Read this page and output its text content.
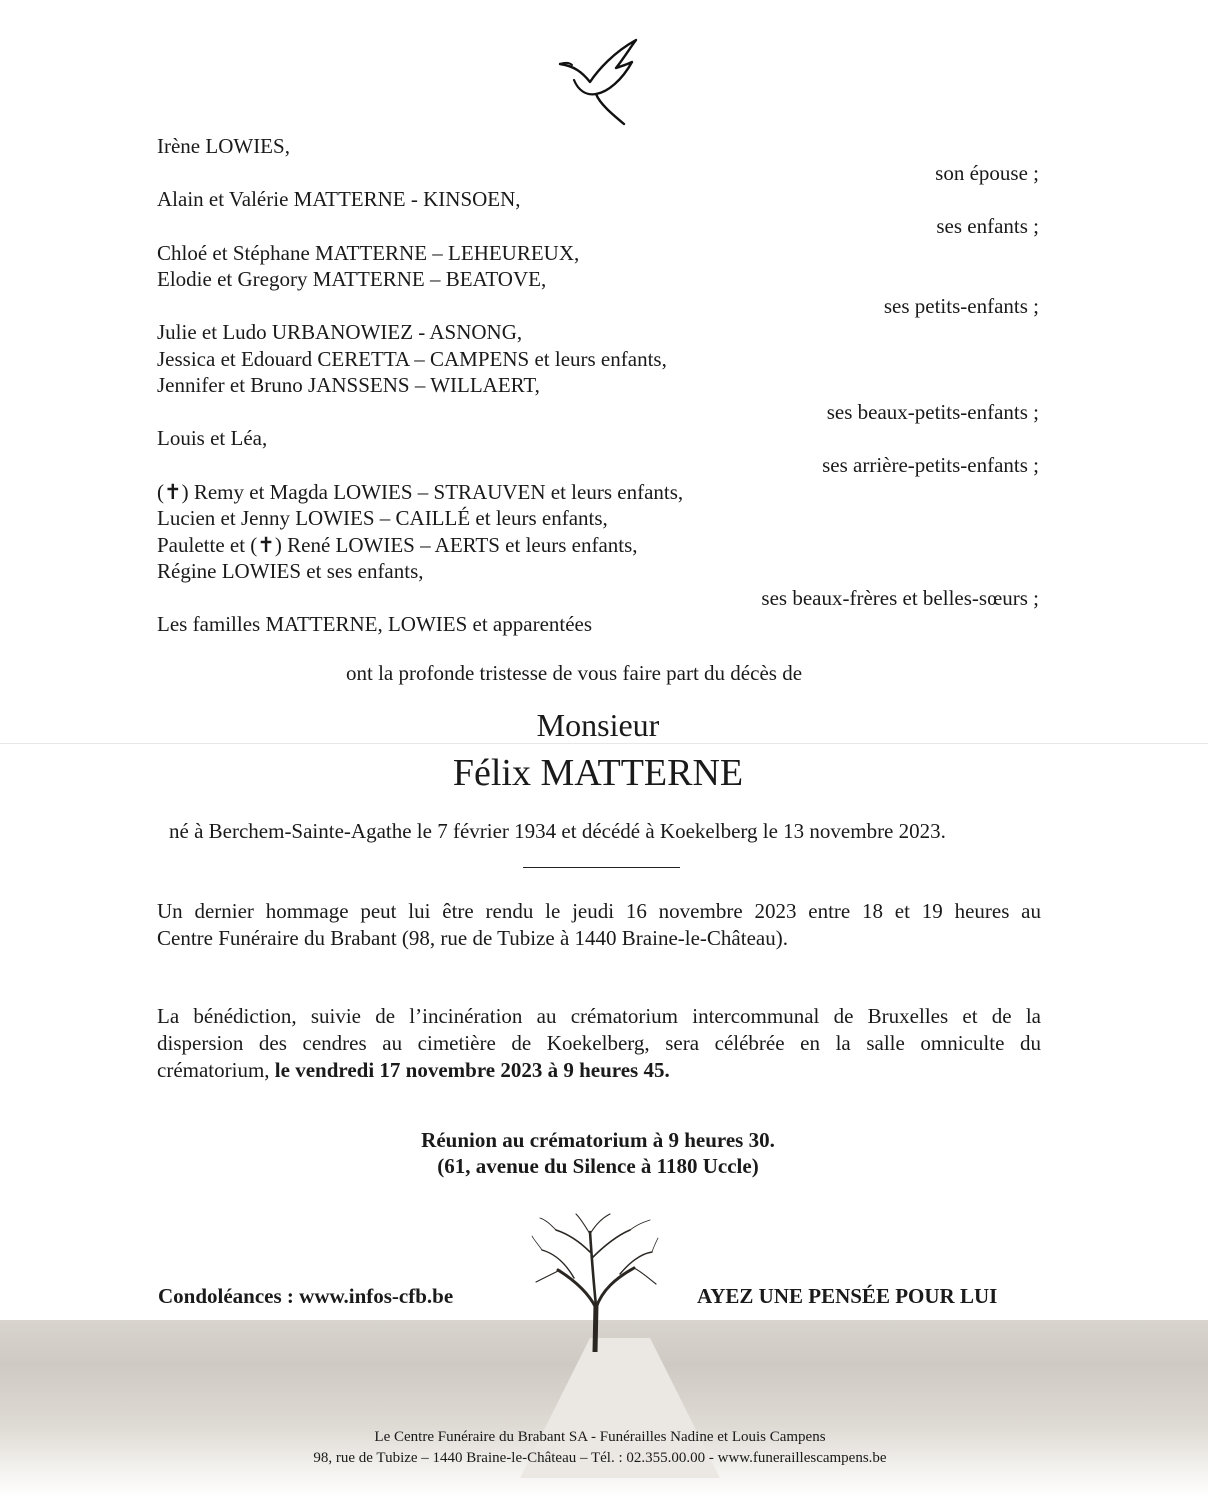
Irène LOWIES,
son épouse ;
Alain et Valérie MATTERNE - KINSOEN,
ses enfants ;
Chloé et Stéphane MATTERNE – LEHEUREUX,
Elodie et Gregory MATTERNE – BEATOVE,
ses petits-enfants ;
Julie et Ludo URBANOWIEZ - ASNONG,
Jessica et Edouard CERETTA – CAMPENS et leurs enfants,
Jennifer et Bruno JANSSENS – WILLAERT,
ses beaux-petits-enfants ;
Louis et Léa,
ses arrière-petits-enfants ;
(✝) Remy et Magda LOWIES – STRAUVEN et leurs enfants,
Lucien et Jenny LOWIES – CAILLÉ et leurs enfants,
Paulette et (✝) René LOWIES – AERTS et leurs enfants,
Régine LOWIES et ses enfants,
ses beaux-frères et belles-sœurs ;
Les familles MATTERNE, LOWIES et apparentées
ont la profonde tristesse de vous faire part du décès de
Monsieur
Félix MATTERNE
né à Berchem-Sainte-Agathe le 7 février 1934 et décédé à Koekelberg le 13 novembre 2023.
Un dernier hommage peut lui être rendu le jeudi 16 novembre 2023 entre 18 et 19 heures au
Centre Funéraire du Brabant (98, rue de Tubize à 1440 Braine-le-Château).
La bénédiction, suivie de l’incinération au crématorium intercommunal de Bruxelles et de la
dispersion des cendres au cimetière de Koekelberg, sera célébrée en la salle omniculte du
crématorium, le vendredi 17 novembre 2023 à 9 heures 45.
Réunion au crématorium à 9 heures 30.
(61, avenue du Silence à 1180 Uccle)
Condoléances : www.infos-cfb.be	AYEZ UNE PENSÉE POUR LUI
Le Centre Funéraire du Brabant SA - Funérailles Nadine et Louis Campens
98, rue de Tubize – 1440 Braine-le-Château – Tél. : 02.355.00.00 - www.funeraillescampens.be
